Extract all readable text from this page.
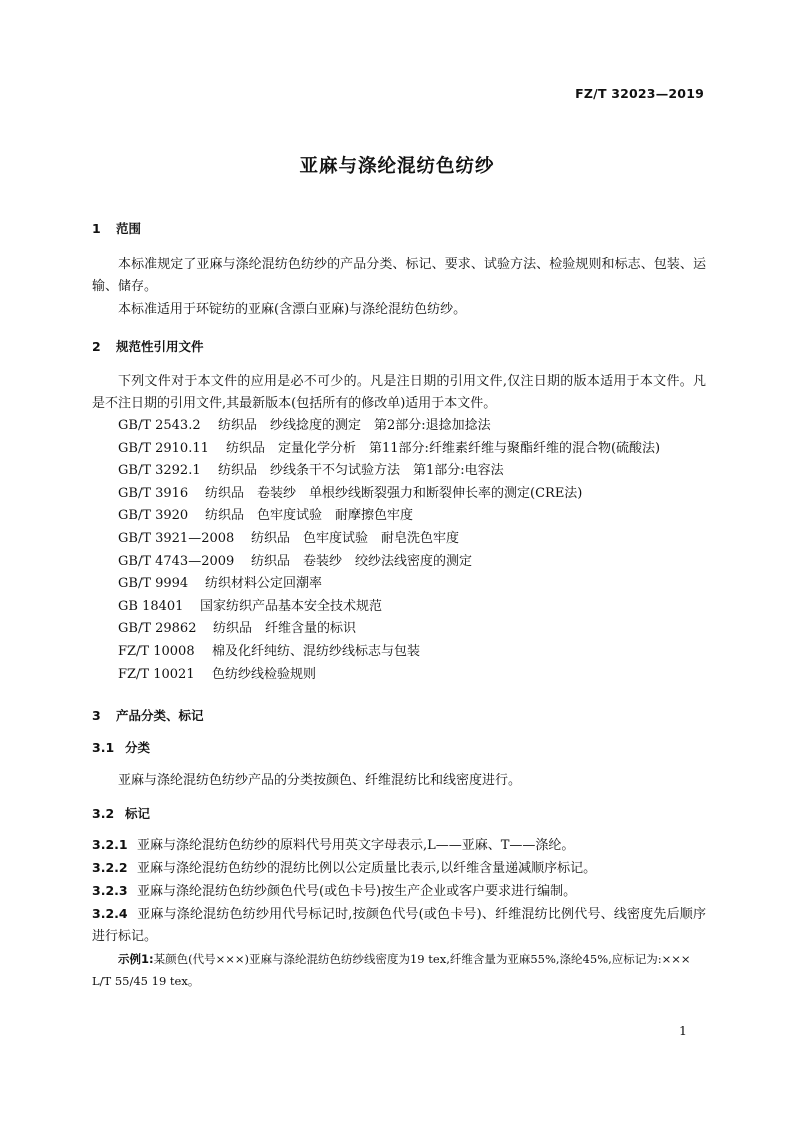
FZ/T 32023—2019
亚麻与涤纶混纺色纺纱
1 范围

本标准规定了亚麻与涤纶混纺色纺纱的产品分类、标记、要求、试验方法、检验规则和标志、包装、运输、储存。

本标准适用于环锭纺的亚麻(含漂白亚麻)与涤纶混纺色纺纱。

2 规范性引用文件

下列文件对于本文件的应用是必不可少的。凡是注日期的引用文件,仅注日期的版本适用于本文件。凡是不注日期的引用文件,其最新版本(包括所有的修改单)适用于本文件。

GB/T 2543.2　 纺织品　纱线捻度的测定　第2部分:退捻加捻法
GB/T 2910.11　 纺织品　定量化学分析　第11部分:纤维素纤维与聚酯纤维的混合物(硫酸法)
GB/T 3292.1　 纺织品　纱线条干不匀试验方法　第1部分:电容法
GB/T 3916　 纺织品　卷装纱　单根纱线断裂强力和断裂伸长率的测定(CRE法)
GB/T 3920　 纺织品　色牢度试验　耐摩擦色牢度
GB/T 3921—2008　 纺织品　色牢度试验　耐皂洗色牢度
GB/T 4743—2009　 纺织品　卷装纱　绞纱法线密度的测定
GB/T 9994　 纺织材料公定回潮率
GB 18401　 国家纺织产品基本安全技术规范
GB/T 29862　 纺织品　纤维含量的标识
FZ/T 10008　 棉及化纤纯纺、混纺纱线标志与包装
FZ/T 10021　 色纺纱线检验规则
3 产品分类、标记
3.1 分类

亚麻与涤纶混纺色纺纱产品的分类按颜色、纤维混纺比和线密度进行。

3.2 标记
3.2.1 亚麻与涤纶混纺色纺纱的原料代号用英文字母表示,L——亚麻、T——涤纶。
3.2.2 亚麻与涤纶混纺色纺纱的混纺比例以公定质量比表示,以纤维含量递减顺序标记。
3.2.3 亚麻与涤纶混纺色纺纱颜色代号(或色卡号)按生产企业或客户要求进行编制。
3.2.4 亚麻与涤纶混纺色纺纱用代号标记时,按颜色代号(或色卡号)、纤维混纺比例代号、线密度先后顺序进行标记。

示例1:某颜色(代号×××)亚麻与涤纶混纺色纺纱线密度为19 tex,纤维含量为亚麻55%,涤纶45%,应标记为:×××　L/T 55/45 19 tex。

1
